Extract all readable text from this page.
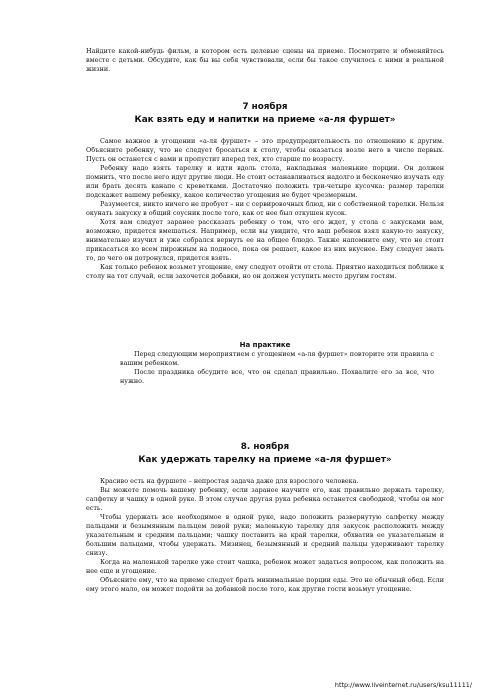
Найдите какой-нибудь фильм, в котором есть целевые сцены на приеме. Посмотрите и обменяйтесь вместе с детьми. Обсудите, как бы вы себя чувствовали, если бы такое случилось с ними в реальной жизни.

7 ноября
Как взять еду и напитки на приеме «а-ля фуршет»

Самое важное в угощении «а-ля фуршет» – это предупредительность по отношению к другим. Объясните ребенку, что не следует бросаться к столу, чтобы оказаться возле него в числе первых. Пусть он останется с вами и пропустит вперед тех, кто старше по возрасту.

Ребенку надо взять тарелку и идти вдоль стола, накладывая маленькие порции. Он должен помнить, что после него идут другие люди. Не стоит останавливаться надолго и бесконечно изучать еду или брать десять канапе с креветками. Достаточно положить три-четыре кусочка: размер тарелки подскажет вашему ребенку, какое количество угощения не будет чрезмерным.

Разумеется, никто ничего не пробует – ни с сервировочных блюд, ни с собственной тарелки. Нельзя окунать закуску в общий соусник после того, как от нее был откушен кусок.

Хотя вам следует заранее рассказать ребенку о том, что его ждет, у стола с закусками вам, возможно, придется вмешаться. Например, если вы увидите, что ваш ребенок взял какую-то закуску, внимательно изучил и уже собрался вернуть ее на общее блюдо. Также напомните ему, что не стоит прикасаться ко всем пирожным на подносе, пока он решает, какое из них вкуснее. Ему следует знать то, до чего он дотронулся, придется взять.

Как только ребенок возьмет угощение, ему следует отойти от стола. Приятно находиться поближе к столу на тот случай, если захочется добавки, но он должен уступить место другим гостям.

На практике

Перед следующим мероприятием с угощением «а-ля фуршет» повторите эти правила с вашим ребенком.

После праздника обсудите все, что он сделал правильно. Похвалите его за все, что нужно.

8. ноября
Как удержать тарелку на приеме «а-ля фуршет»

Красиво есть на фуршете – непростая задача даже для взрослого человека.

Вы можете помочь вашему ребенку, если заранее научите его, как правильно держать тарелку, салфетку и чашку в одной руке. В этом случае другая рука ребенка останется свободной, чтобы он мог есть.

Чтобы удержать все необходимое в одной руке, надо положить развернутую салфетку между пальцами и безымянным пальцем левой руки; маленькую тарелку для закусок расположить между указательным и средним пальцами; чашку поставить на край тарелки, обхватив ее указательным и большим пальцами, чтобы удержать. Мизинец, безымянный и средний пальцы удерживают тарелку снизу.

Когда на маленькой тарелке уже стоит чашка, ребенок может задаться вопросом, как положить на нее еще и угощение.

Объясните ему, что на приеме следует брать минимальные порции еды. Это не обычный обед. Если ему этого мало, он может подойти за добавкой после того, как другие гости возьмут угощение.

http://www.liveinternet.ru/users/ksu11111/
